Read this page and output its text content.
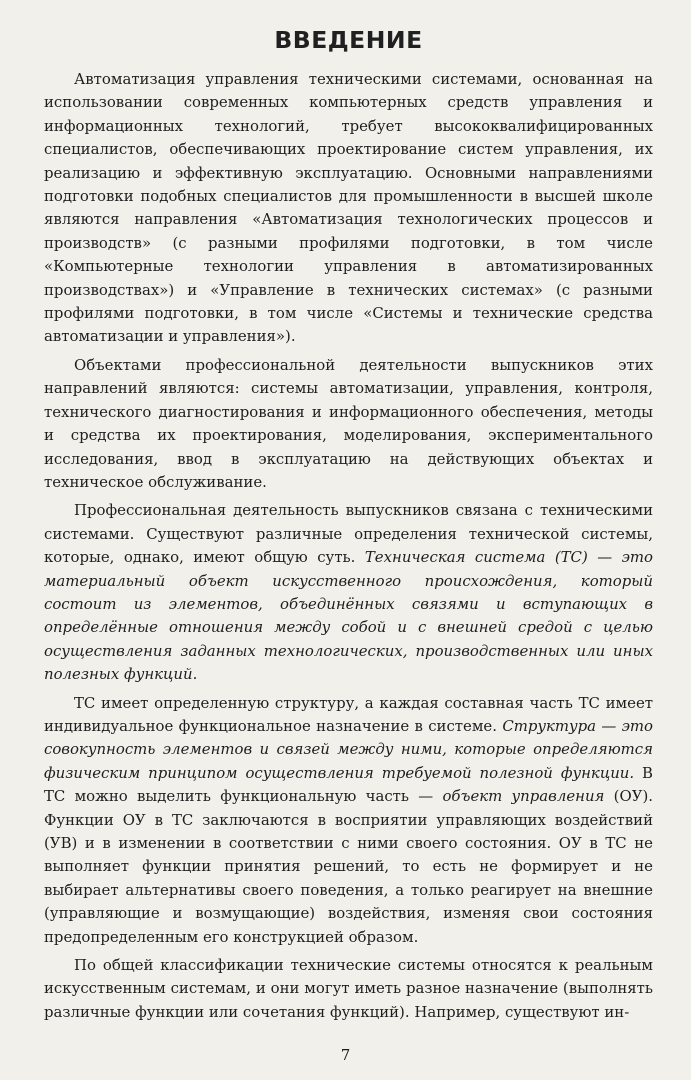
ВВЕДЕНИЕ

Автоматизация управления техническими системами, основанная на использовании современных компьютерных средств управления и информационных технологий, требует высококвалифицированных специалистов, обеспечивающих проектирование систем управления, их реализацию и эффективную эксплуатацию. Основными направлениями подготовки подобных специалистов для промышленности в высшей школе являются направления «Автоматизация технологических процессов и производств» (с разными профилями подготовки, в том числе «Компьютерные технологии управления в автоматизированных производствах») и «Управление в технических системах» (с разными профилями подготовки, в том числе «Системы и технические средства автоматизации и управления»).

Объектами профессиональной деятельности выпускников этих направлений являются: системы автоматизации, управления, контроля, технического диагностирования и информационного обеспечения, методы и средства их проектирования, моделирования, экспериментального исследования, ввод в эксплуатацию на действующих объектах и техническое обслуживание.

Профессиональная деятельность выпускников связана с техническими системами. Существуют различные определения технической системы, которые, однако, имеют общую суть. Техническая система (ТС) — это материальный объект искусственного происхождения, который состоит из элементов, объединённых связями и вступающих в определённые отношения между собой и с внешней средой с целью осуществления заданных технологических, производственных или иных полезных функций.

ТС имеет определенную структуру, а каждая составная часть ТС имеет индивидуальное функциональное назначение в системе. Структура — это совокупность элементов и связей между ними, которые определяются физическим принципом осуществления требуемой полезной функции. В ТС можно выделить функциональную часть — объект управления (ОУ). Функции ОУ в ТС заключаются в восприятии управляющих воздействий (УВ) и в изменении в соответствии с ними своего состояния. ОУ в ТС не выполняет функции принятия решений, то есть не формирует и не выбирает альтернативы своего поведения, а только реагирует на внешние (управляющие и возмущающие) воздействия, изменяя свои состояния предопределенным его конструкцией образом.

По общей классификации технические системы относятся к реальным искусственным системам, и они могут иметь разное назначение (выполнять различные функции или сочетания функций). Например, существуют ин-

7
